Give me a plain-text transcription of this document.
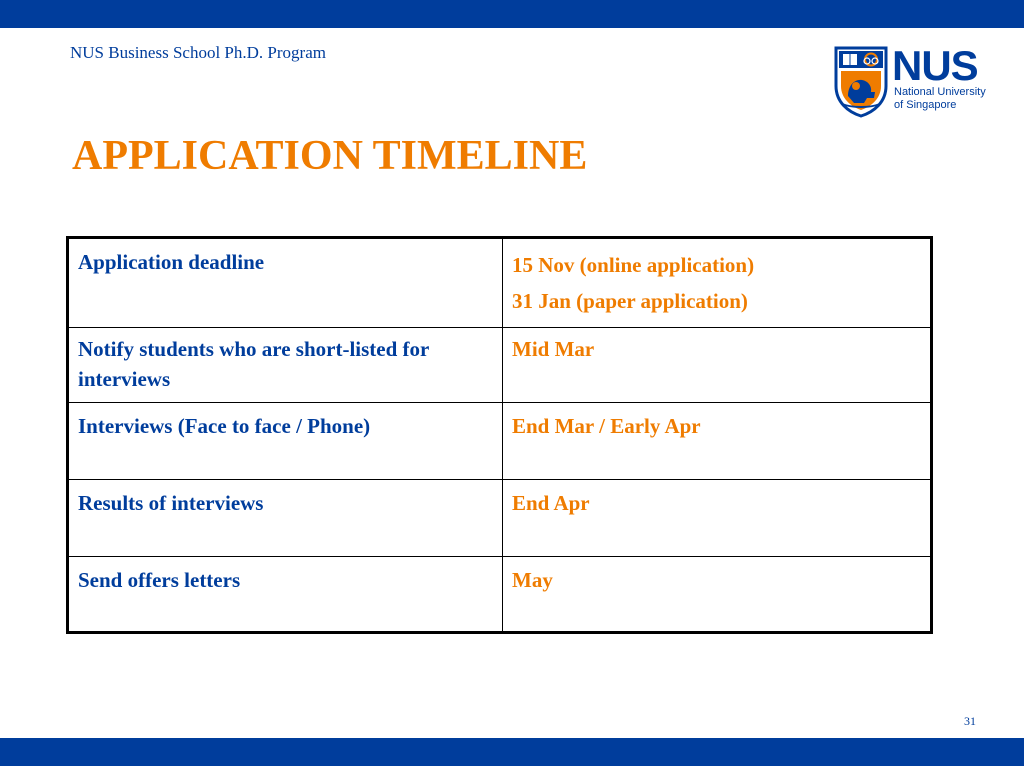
NUS Business School Ph.D. Program	NUS
National University
of Singapore
APPLICATION TIMELINE
Application deadline	15 Nov (online application)
31 Jan (paper application)

Notify students who are short-listed for interviews	Mid Mar
Interviews (Face to face / Phone)	End Mar / Early Apr
Results of interviews	End Apr
Send offers letters	May
31
